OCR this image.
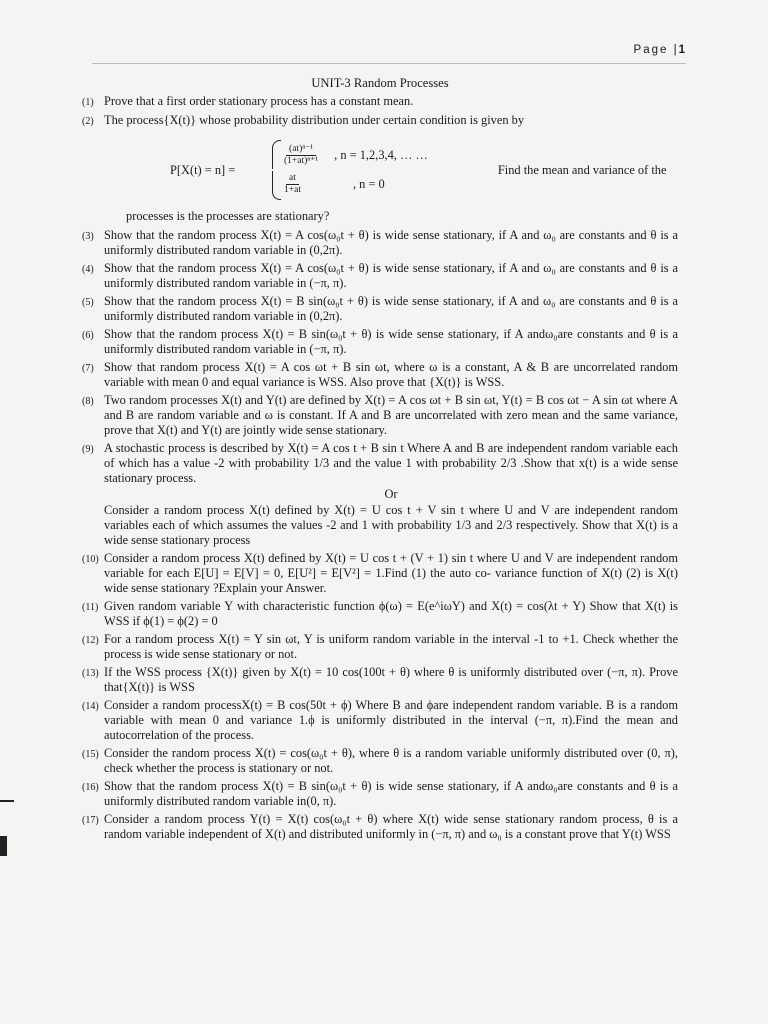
Page |1
UNIT-3 Random Processes
(1) Prove that a first order stationary process has a constant mean.
(2) The process{X(t)} whose probability distribution under certain condition is given by
P[X(t) = n] =
$\frac{\text{(at)ⁿ⁻¹}}{\text{(1+at)ⁿ⁺¹}}$ , n = 1,2,3,4, … …
$\frac{at}{1+at}$	, n = 0
Find the mean and variance of the
processes is the processes are stationary?
(3) Show that the random process X(t) = A cos(ω₀t + θ) is wide sense stationary, if A and ω₀ are constants and θ is a uniformly distributed random variable in (0,2π).
(4) Show that the random process X(t) = A cos(ω₀t + θ) is wide sense stationary, if A and ω₀ are constants and θ is a uniformly distributed random variable in (−π, π).
(5) Show that the random process X(t) = B sin(ω₀t + θ) is wide sense stationary, if A and ω₀ are constants and θ is a uniformly distributed random variable in (0,2π).
(6) Show that the random process X(t) = B sin(ω₀t + θ) is wide sense stationary, if A andω₀are constants and θ is a uniformly distributed random variable in (−π, π).
(7) Show that random process X(t) = A cos ωt + B sin ωt, where ω is a constant, A & B are uncorrelated random variable with mean 0 and equal variance is WSS. Also prove that {X(t)} is WSS.
(8) Two random processes X(t) and Y(t) are defined by X(t) = A cos ωt + B sin ωt, Y(t) = B cos ωt − A sin ωt where A and B are random variable and ω is constant. If A and B are uncorrelated with zero mean and the same variance, prove that X(t) and Y(t) are jointly wide sense stationary.
(9) A stochastic process is described by X(t) = A cos t + B sin t Where A and B are independent random variable each of which has a value -2 with probability 1/3 and the value 1 with probability 2/3 .Show that x(t) is a wide sense stationary process.
Or
Consider a random process X(t) defined by X(t) = U cos t + V sin t where U and V are independent random variables each of which assumes the values -2 and 1 with probability 1/3 and 2/3 respectively. Show that X(t) is a wide sense stationary process
(10) Consider a random process X(t) defined by X(t) = U cos t + (V + 1) sin t where U and V are independent random variable for each E[U] = E[V] = 0, E[U²] = E[V²] = 1.Find (1) the auto co- variance function of X(t) (2) is X(t) wide sense stationary ?Explain your Answer.
(11) Given random variable Y with characteristic function ϕ(ω) = E(e^iωY) and X(t) = cos(λt + Y) Show that X(t) is WSS if ϕ(1) = ϕ(2) = 0
(12) For a random process X(t) = Y sin ωt, Y is uniform random variable in the interval -1 to +1. Check whether the process is wide sense stationary or not.
(13) If the WSS process {X(t)} given by X(t) = 10 cos(100t + θ) where θ is uniformly distributed over (−π, π). Prove that{X(t)} is WSS
(14) Consider a random processX(t) = B cos(50t + ϕ) Where B and ϕare independent random variable. B is a random variable with mean 0 and variance 1.ϕ is uniformly distributed in the interval (−π, π).Find the mean and autocorrelation of the process.
(15) Consider the random process X(t) = cos(ω₀t + θ), where θ is a random variable uniformly distributed over (0, π), check whether the process is stationary or not.
(16) Show that the random process X(t) = B sin(ω₀t + θ) is wide sense stationary, if A andω₀are constants and θ is a uniformly distributed random variable in(0, π).
(17) Consider a random process Y(t) = X(t) cos(ω₀t + θ) where X(t) wide sense stationary random process, θ is a random variable independent of X(t) and distributed uniformly in (−π, π) and ω₀ is a constant prove that Y(t) WSS
